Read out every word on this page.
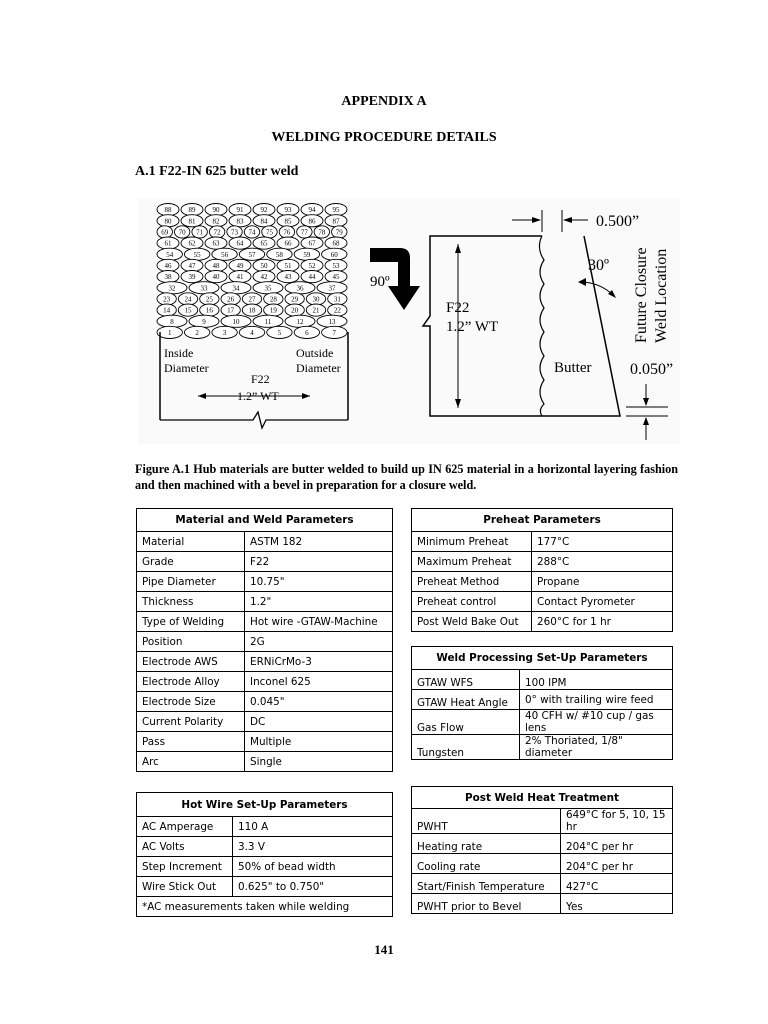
APPENDIX A
WELDING PROCEDURE DETAILS
A.1 F22-IN 625 butter weld
88 89 90 91 92 93 94 95
80 81 82 83 84 85 86 87
69 70 71 72 73 74 75 76 77 78 79
61 62 63 64 65 66 67 68
54	55	56	57	58	59	60
46 47 48 49 50 51 52 53
38 39 40 41 42 43 44 45
32	33	34	35	36	37
23 24 25 26 27 28 29 30 31
14 15 16 17 18 19 20 21 22
8	9	10	11	12	13
1	2	3	4	5	6	7
Inside
Diameter
Outside
Diameter
F22
1.2” WT
90º
F22
1.2” WT
Butter
0.500”
30º Future Closure Weld Location
0.050”
Figure A.1 Hub materials are butter welded to build up IN 625 material in a horizontal layering fashion and then machined with a bevel in preparation for a closure weld.
Material and Weld Parameters	
Material	ASTM 182
Grade	F22
Pipe Diameter	10.75"
Thickness	1.2"
Type of Welding	Hot wire -GTAW-Machine
Position	2G
Electrode AWS	ERNiCrMo-3
Electrode Alloy	Inconel 625
Electrode Size	0.045"
Current Polarity	DC
Pass	Multiple
Arc	Single
Preheat Parameters	
Minimum Preheat	177°C
Maximum Preheat	288°C
Preheat Method	Propane
Preheat control	Contact Pyrometer
Post Weld Bake Out	260°C for 1 hr
Weld Processing Set-Up Parameters	
GTAW WFS	100 IPM
GTAW Heat Angle	0° with trailing wire feed
Gas Flow	40 CFH w/ #10 cup / gas lens
Tungsten	2% Thoriated, 1/8" diameter
Hot Wire Set-Up Parameters	
AC Amperage	110 A
AC Volts	3.3 V
Step Increment	50% of bead width
Wire Stick Out	0.625" to 0.750"
*AC measurements taken while welding	
Post Weld Heat Treatment	
PWHT	649°C for 5, 10, 15 hr
Heating rate	204°C per hr
Cooling rate	204°C per hr
Start/Finish Temperature	427°C
PWHT prior to Bevel	Yes
141
